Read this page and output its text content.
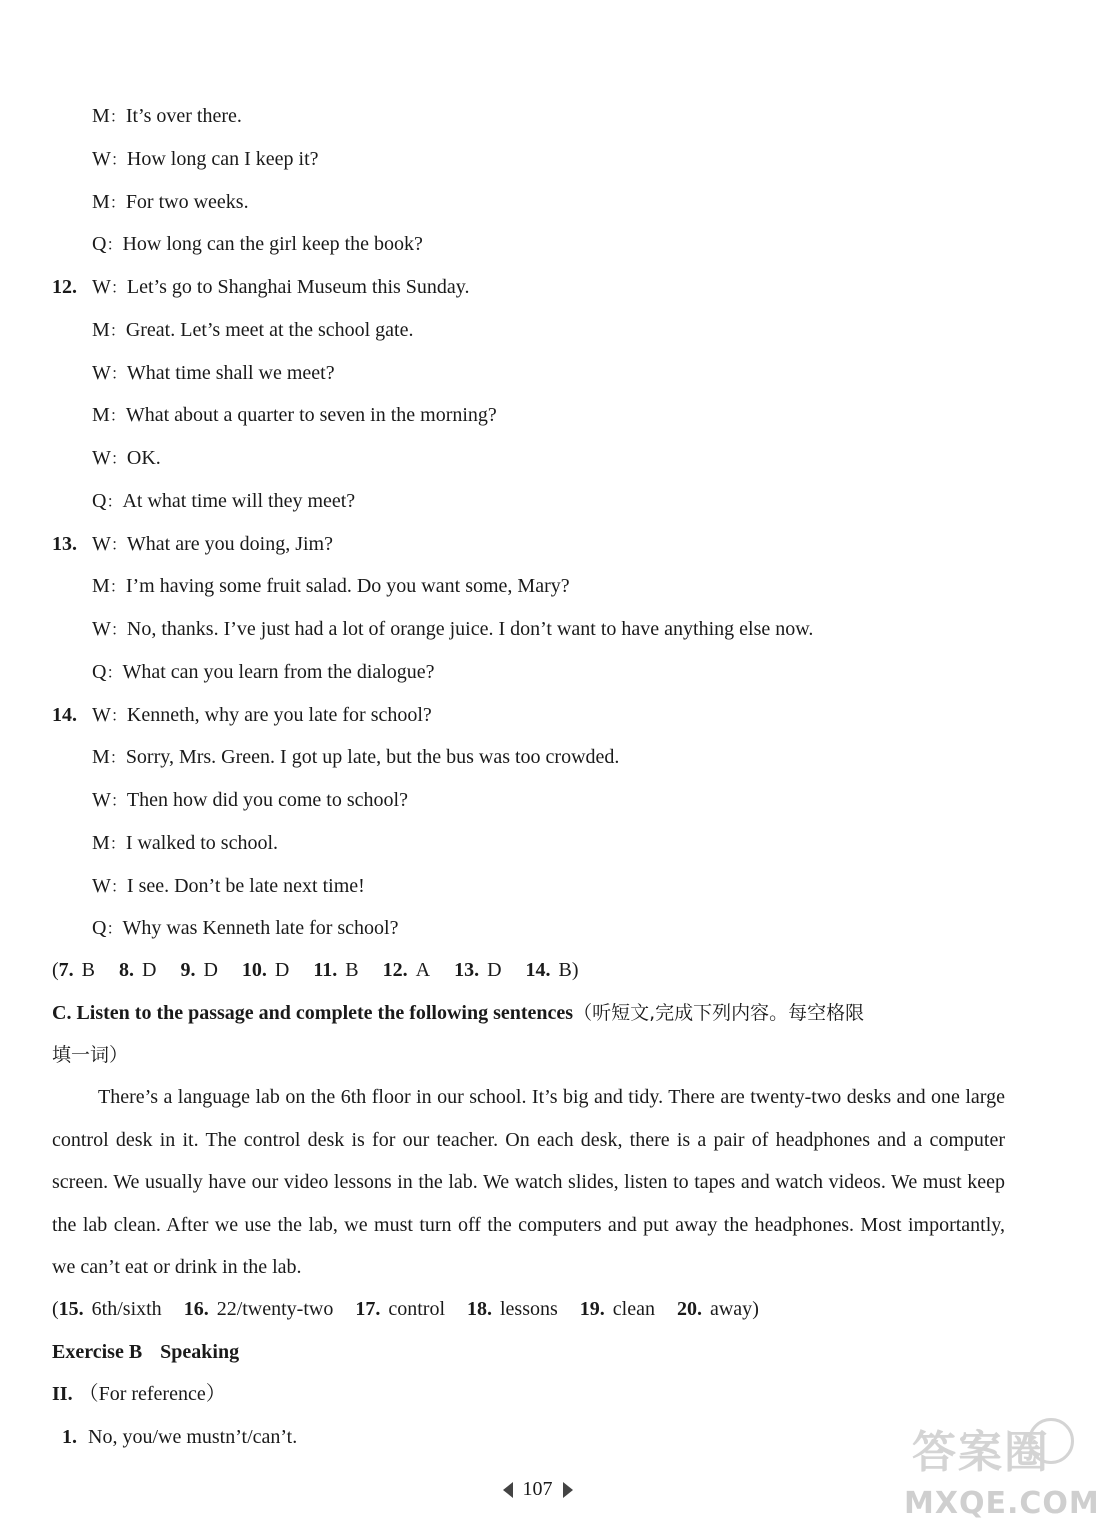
M：It’s over there.
W：How long can I keep it?
M：For two weeks.
Q：How long can the girl keep the book?
12. W：Let’s go to Shanghai Museum this Sunday.
M：Great. Let’s meet at the school gate.
W：What time shall we meet?
M：What about a quarter to seven in the morning?
W：OK.
Q：At what time will they meet?
13. W：What are you doing, Jim?
M：I’m having some fruit salad. Do you want some, Mary?
W：No, thanks. I’ve just had a lot of orange juice. I don’t want to have anything else now.
Q：What can you learn from the dialogue?
14. W：Kenneth, why are you late for school?
M：Sorry, Mrs. Green. I got up late, but the bus was too crowded.
W：Then how did you come to school?
M：I walked to school.
W：I see. Don’t be late next time!
Q：Why was Kenneth late for school?
(7. B 8. D 9. D 10. D 11. B 12. A 13. D 14. B)
C. Listen to the passage and complete the following sentences（听短文,完成下列内容。每空格限
填一词）
There’s a language lab on the 6th floor in our school. It’s big and tidy. There are twenty-two desks and one large control desk in it. The control desk is for our teacher. On each desk, there is a pair of headphones and a computer screen. We usually have our video lessons in the lab. We watch slides, listen to tapes and watch videos. We must keep the lab clean. After we use the lab, we must turn off the computers and put away the headphones. Most importantly, we can’t eat or drink in the lab.
(15. 6th/sixth 16. 22/twenty-two 17. control 18. lessons 19. clean 20. away)
Exercise B Speaking
II. （For reference）
1. No, you/we mustn’t/can’t.
107
答案圈
MXQE.COM
